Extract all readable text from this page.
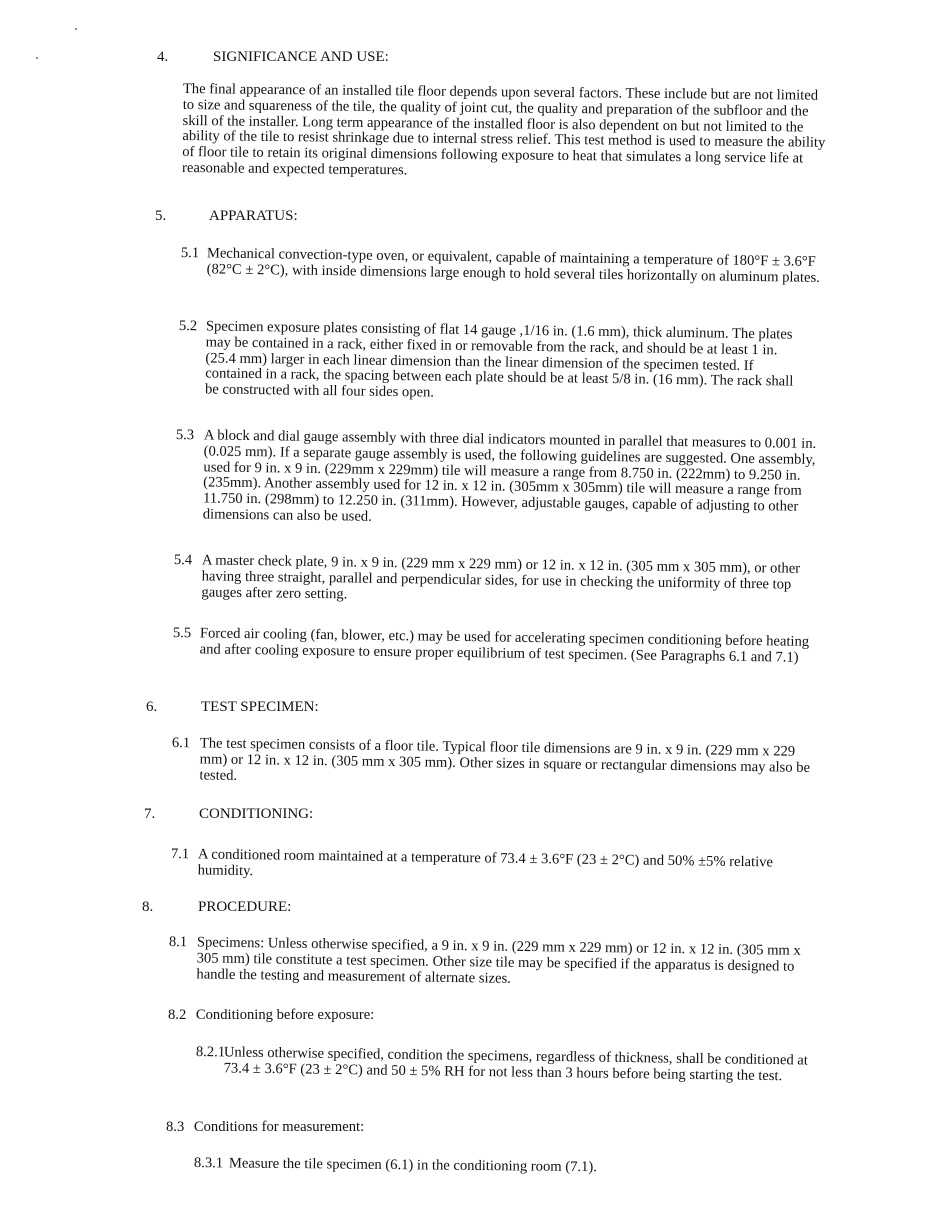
4.	SIGNIFICANCE AND USE:
The final appearance of an installed tile floor depends upon several factors. These include but are not limited to size and squareness of the tile, the quality of joint cut, the quality and preparation of the subfloor and the skill of the installer. Long term appearance of the installed floor is also dependent on but not limited to the ability of the tile to resist shrinkage due to internal stress relief. This test method is used to measure the ability of floor tile to retain its original dimensions following exposure to heat that simulates a long service life at reasonable and expected temperatures.
5.	APPARATUS:
5.1 Mechanical convection-type oven, or equivalent, capable of maintaining a temperature of 180°F ± 3.6°F (82°C ± 2°C), with inside dimensions large enough to hold several tiles horizontally on aluminum plates.
5.2 Specimen exposure plates consisting of flat 14 gauge ,1/16 in. (1.6 mm), thick aluminum. The plates may be contained in a rack, either fixed in or removable from the rack, and should be at least 1 in. (25.4 mm) larger in each linear dimension than the linear dimension of the specimen tested. If contained in a rack, the spacing between each plate should be at least 5/8 in. (16 mm). The rack shall be constructed with all four sides open.
5.3 A block and dial gauge assembly with three dial indicators mounted in parallel that measures to 0.001 in. (0.025 mm). If a separate gauge assembly is used, the following guidelines are suggested. One assembly, used for 9 in. x 9 in. (229mm x 229mm) tile will measure a range from 8.750 in. (222mm) to 9.250 in. (235mm). Another assembly used for 12 in. x 12 in. (305mm x 305mm) tile will measure a range from 11.750 in. (298mm) to 12.250 in. (311mm). However, adjustable gauges, capable of adjusting to other dimensions can also be used.
5.4 A master check plate, 9 in. x 9 in. (229 mm x 229 mm) or 12 in. x 12 in. (305 mm x 305 mm), or other having three straight, parallel and perpendicular sides, for use in checking the uniformity of three top gauges after zero setting.
5.5 Forced air cooling (fan, blower, etc.) may be used for accelerating specimen conditioning before heating and after cooling exposure to ensure proper equilibrium of test specimen. (See Paragraphs 6.1 and 7.1)
6.	TEST SPECIMEN:
6.1 The test specimen consists of a floor tile. Typical floor tile dimensions are 9 in. x 9 in. (229 mm x 229 mm) or 12 in. x 12 in. (305 mm x 305 mm). Other sizes in square or rectangular dimensions may also be tested.
7.	CONDITIONING:
7.1 A conditioned room maintained at a temperature of 73.4 ± 3.6°F (23 ± 2°C) and 50% ±5% relative humidity.
8.	PROCEDURE:
8.1 Specimens: Unless otherwise specified, a 9 in. x 9 in. (229 mm x 229 mm) or 12 in. x 12 in. (305 mm x 305 mm) tile constitute a test specimen. Other size tile may be specified if the apparatus is designed to handle the testing and measurement of alternate sizes.
8.2 Conditioning before exposure:
8.2.1
Unless otherwise specified, condition the specimens, regardless of thickness, shall be conditioned at 73.4 ± 3.6°F (23 ± 2°C) and 50 ± 5% RH for not less than 3 hours before being starting the test.
8.3 Conditions for measurement:
8.3.1 Measure the tile specimen (6.1) in the conditioning room (7.1).
